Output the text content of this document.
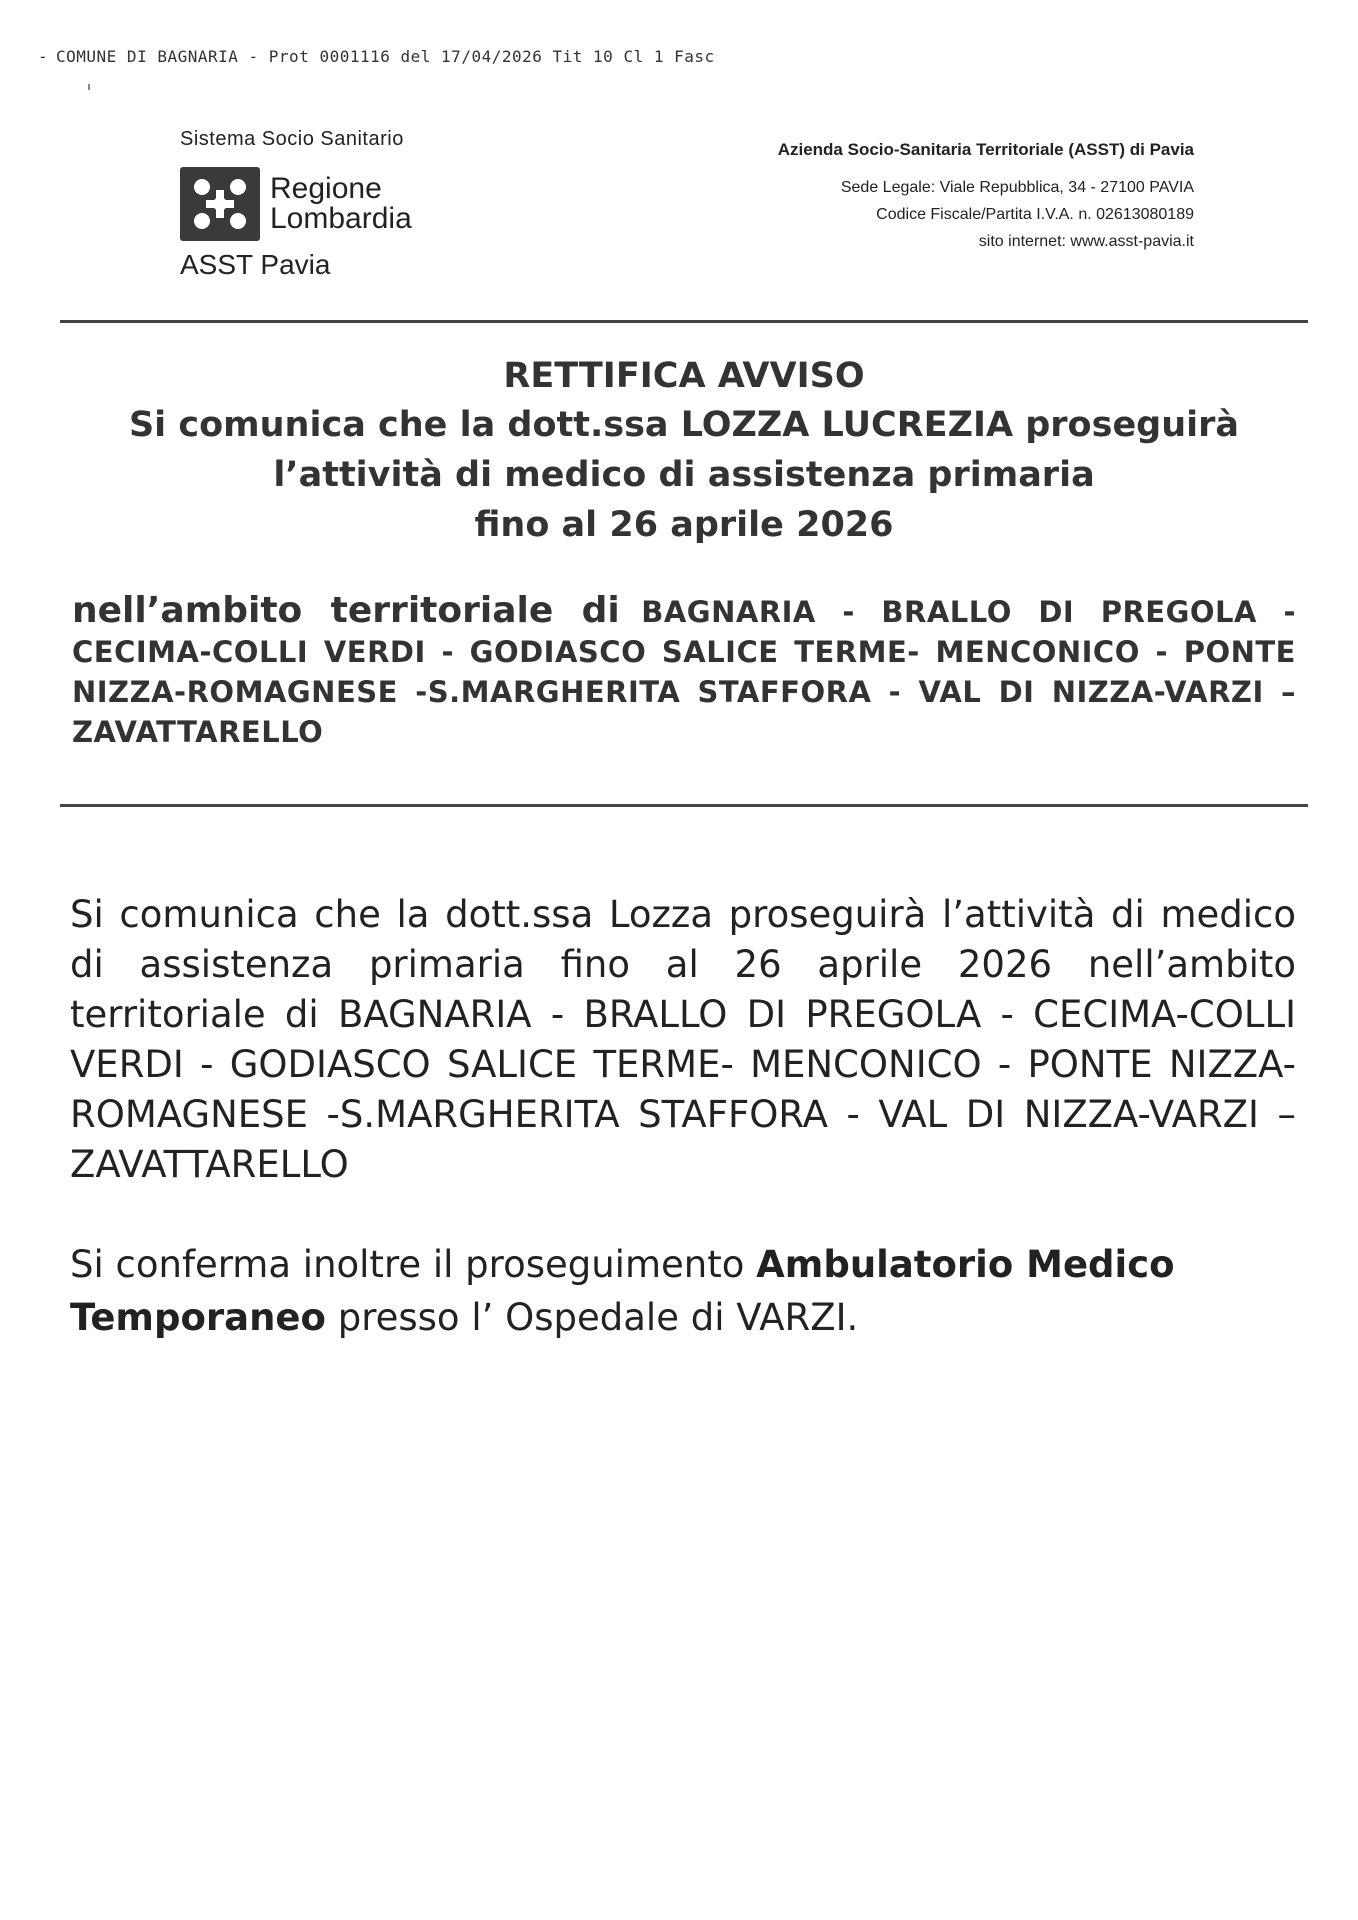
- COMUNE DI BAGNARIA - Prot 0001116 del 17/04/2026 Tit 10 Cl 1 Fasc
Sistema Socio Sanitario
Regione
Lombardia
ASST Pavia
Azienda Socio-Sanitaria Territoriale (ASST) di Pavia
Sede Legale: Viale Repubblica, 34 - 27100 PAVIA
Codice Fiscale/Partita I.V.A. n. 02613080189
sito internet: www.asst-pavia.it
RETTIFICA AVVISO
Si comunica che la dott.ssa LOZZA LUCREZIA proseguirà
l’attività di medico di assistenza primaria
fino al 26 aprile 2026
nell’ambito territoriale di BAGNARIA - BRALLO DI PREGOLA - CECIMA-COLLI VERDI - GODIASCO SALICE TERME- MENCONICO - PONTE NIZZA-ROMAGNESE -S.MARGHERITA STAFFORA - VAL DI NIZZA-VARZI – ZAVATTARELLO
Si comunica che la dott.ssa Lozza proseguirà l’attività di medico di assistenza primaria fino al 26 aprile 2026 nell’ambito territoriale di BAGNARIA - BRALLO DI PREGOLA - CECIMA-COLLI VERDI - GODIASCO SALICE TERME- MENCONICO - PONTE NIZZA-ROMAGNESE -S.MARGHERITA STAFFORA - VAL DI NIZZA-VARZI – ZAVATTARELLO
Si conferma inoltre il proseguimento Ambulatorio Medico Temporaneo presso l’ Ospedale di VARZI.
